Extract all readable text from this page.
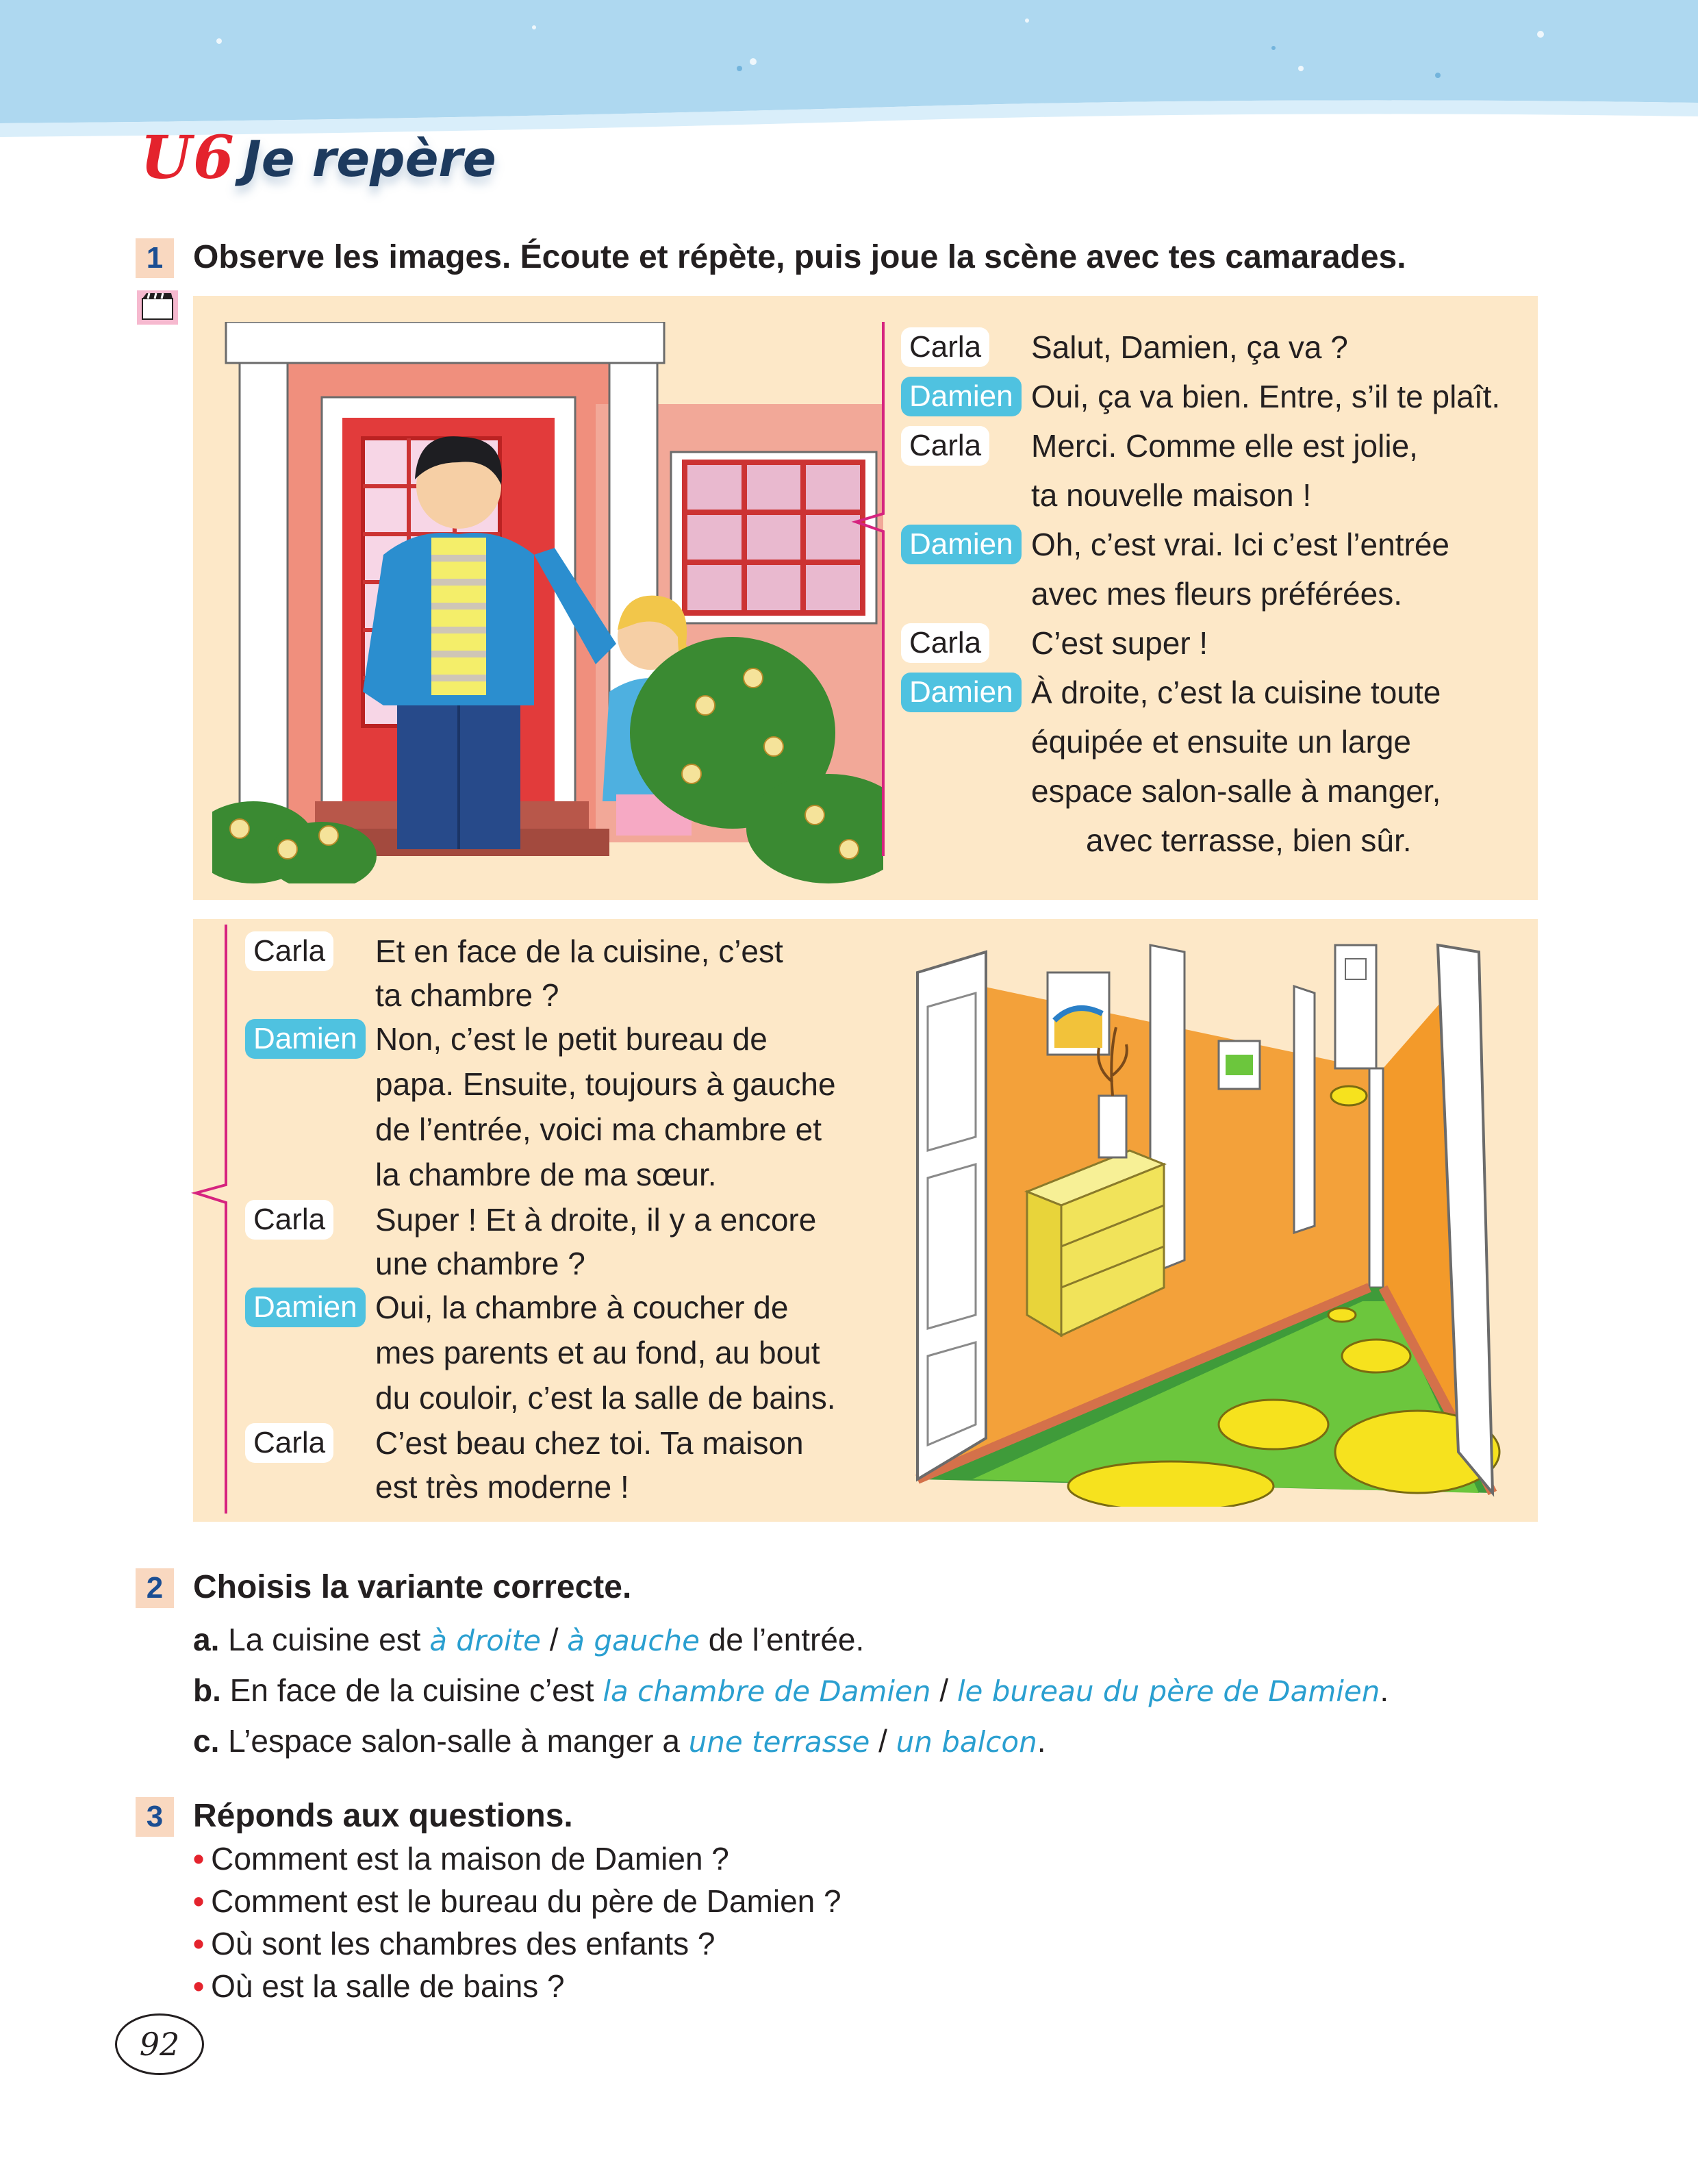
U6 Je repère
1 Observe les images. Écoute et répète, puis joue la scène avec tes camarades.
Carla Salut, Damien, ça va ?
Damien Oui, ça va bien. Entre, s’il te plaît.
Carla Merci. Comme elle est jolie,
ta nouvelle maison !
Damien Oh, c’est vrai. Ici c’est l’entrée
avec mes fleurs préférées.
Carla C’est super !
Damien À droite, c’est la cuisine toute
équipée et ensuite un large
espace salon-salle à manger,
avec terrasse, bien sûr.
Carla Et en face de la cuisine, c’est
ta chambre ?
Damien Non, c’est le petit bureau de
papa. Ensuite, toujours à gauche
de l’entrée, voici ma chambre et
la chambre de ma sœur.
Carla Super ! Et à droite, il y a encore
une chambre ?
Damien Oui, la chambre à coucher de
mes parents et au fond, au bout
du couloir, c’est la salle de bains.
Carla C’est beau chez toi. Ta maison
est très moderne !
2 Choisis la variante correcte.
a. La cuisine est à droite / à gauche de l’entrée.
b. En face de la cuisine c’est la chambre de Damien / le bureau du père de Damien.
c. L’espace salon-salle à manger a une terrasse / un balcon.
3 Réponds aux questions.
• Comment est la maison de Damien ?
• Comment est le bureau du père de Damien ?
• Où sont les chambres des enfants ?
• Où est la salle de bains ?
92
